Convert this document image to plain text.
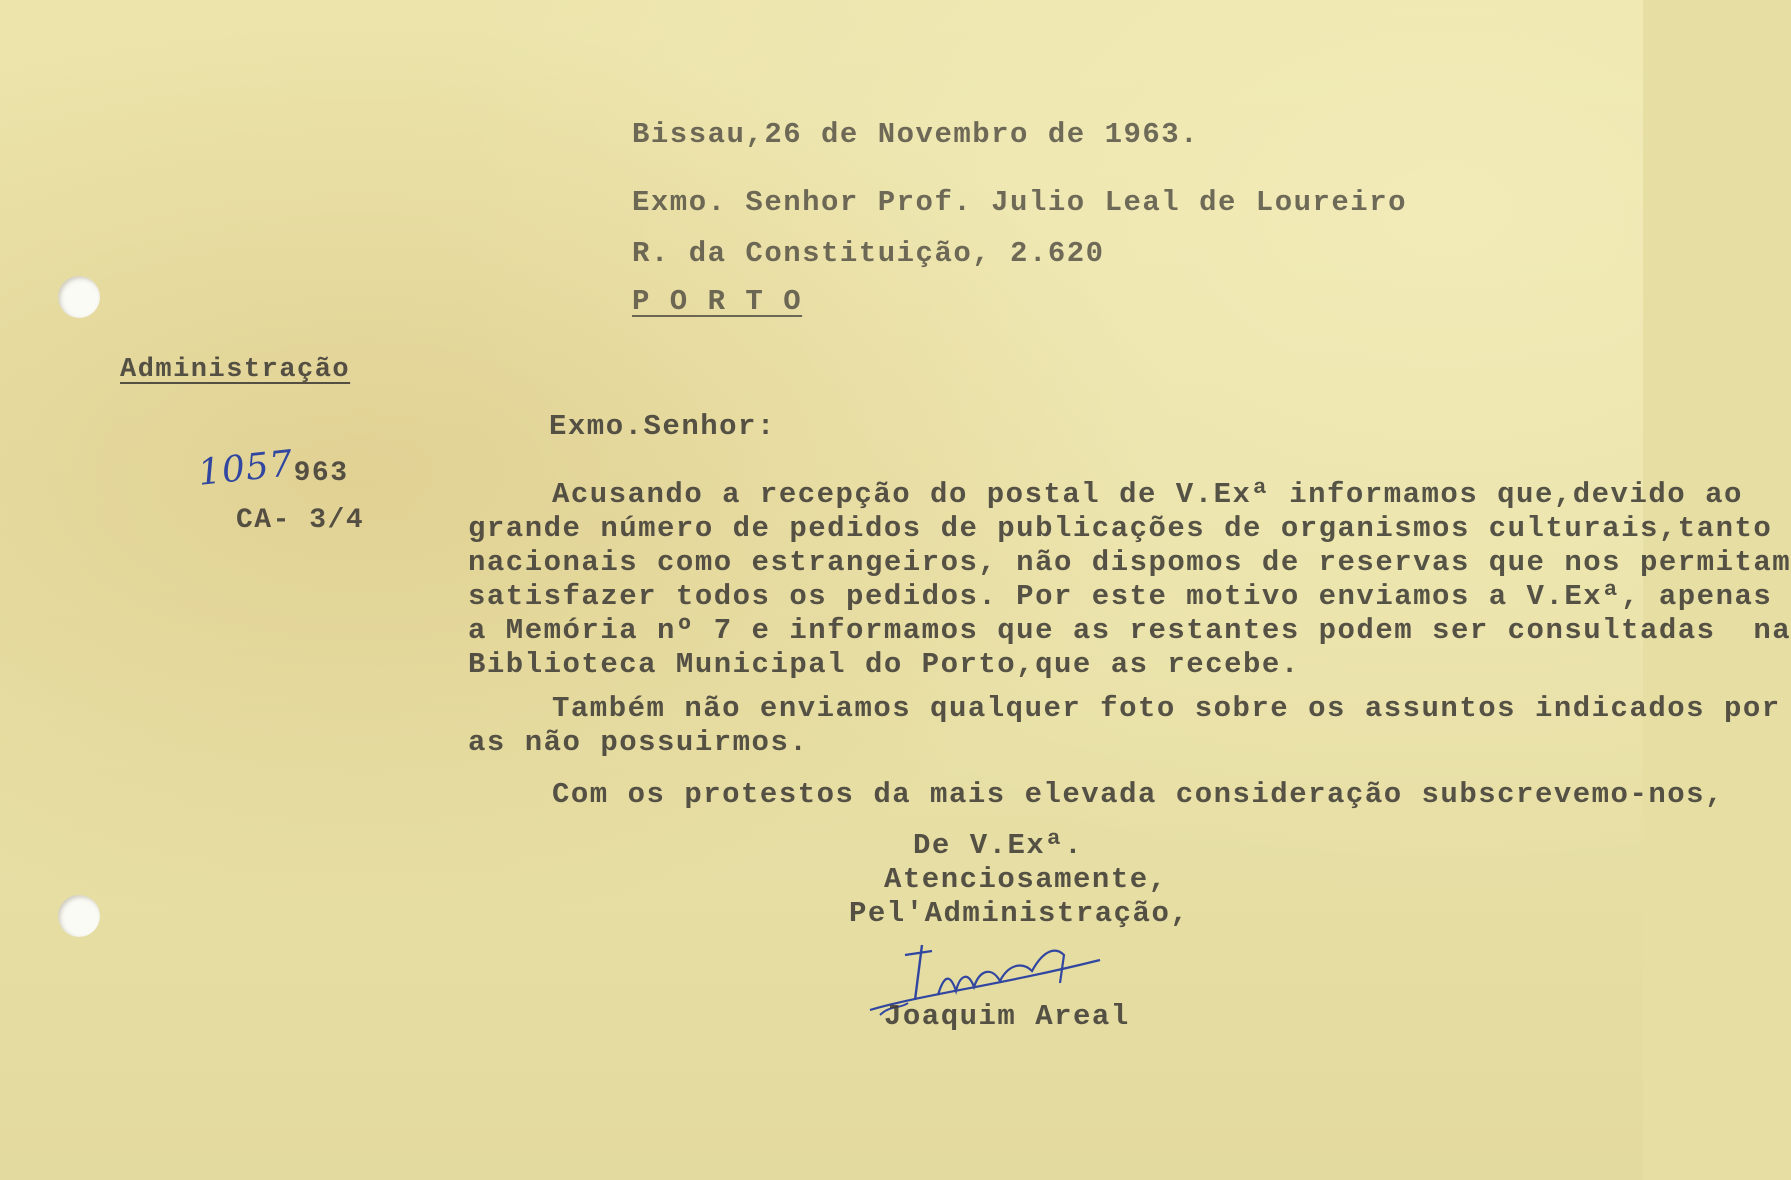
Bissau,26 de Novembro de 1963.
Exmo. Senhor Prof. Julio Leal de Loureiro
R. da Constituição, 2.620
P O R T O
Administração
1057963
CA- 3/4
Exmo.Senhor:
Acusando a recepção do postal de V.Exª informamos que,devido ao
grande número de pedidos de publicações de organismos culturais,tanto
nacionais como estrangeiros, não dispomos de reservas que nos permitam
satisfazer todos os pedidos. Por este motivo enviamos a V.Exª, apenas
a Memória nº 7 e informamos que as restantes podem ser consultadas  na
Biblioteca Municipal do Porto,que as recebe.
Também não enviamos qualquer foto sobre os assuntos indicados por
as não possuirmos.
Com os protestos da mais elevada consideração subscrevemo-nos,
De V.Exª.
Atenciosamente,
Pel'Administração,
Joaquim Areal
